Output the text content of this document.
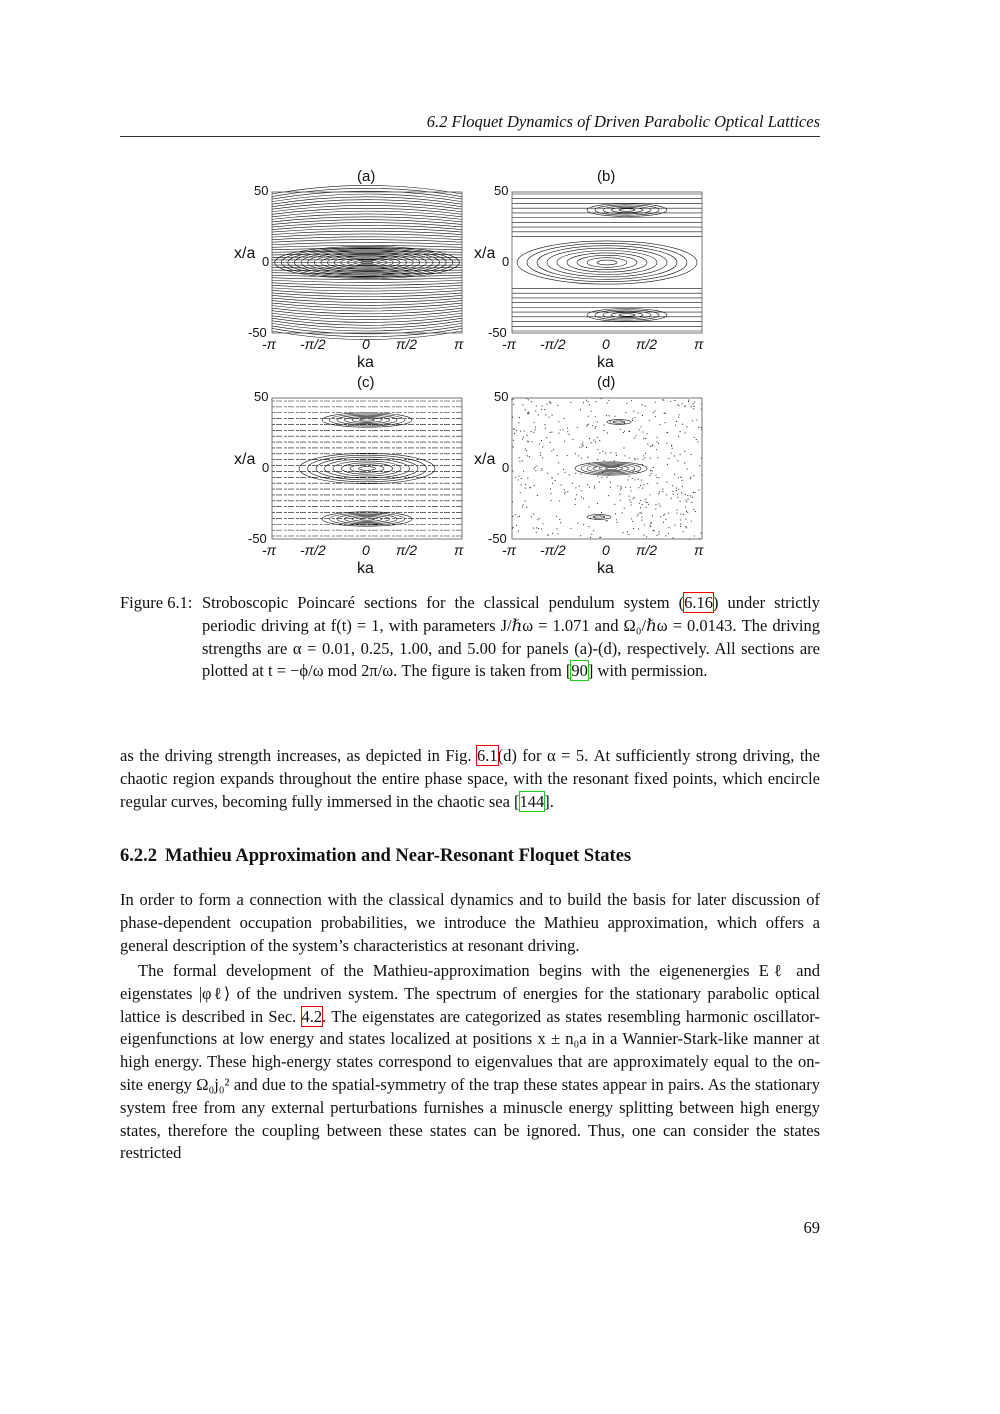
6.2 Floquet Dynamics of Driven Parabolic Optical Lattices
(a)
x/a
ka
50
0
-50
-π -π/2	0 π/2	π
(b)
x/a
ka
50
0
-50
-π -π/2	0 π/2	π
(c)
x/a
ka
50
0
-50
-π -π/2	0 π/2	π
(d)
x/a
ka
50
0
-50
-π -π/2	0 π/2	π
Figure 6.1: Stroboscopic Poincaré sections for the classical pendulum system (6.16) under strictly periodic driving at f(t) = 1, with parameters J/ℏω = 1.071 and Ω₀/ℏω = 0.0143. The driving strengths are α = 0.01, 0.25, 1.00, and 5.00 for panels (a)-(d), respectively. All sections are plotted at t = −ϕ/ω mod 2π/ω. The figure is taken from [90] with permission.
as the driving strength increases, as depicted in Fig. 6.1(d) for α = 5. At sufficiently strong driving, the chaotic region expands throughout the entire phase space, with the resonant fixed points, which encircle regular curves, becoming fully immersed in the chaotic sea [144].
6.2.2 Mathieu Approximation and Near-Resonant Floquet States
In order to form a connection with the classical dynamics and to build the basis for later discussion of phase-dependent occupation probabilities, we introduce the Mathieu approximation, which offers a general description of the system’s characteristics at resonant driving.
The formal development of the Mathieu-approximation begins with the eigenenergies Eℓ and eigenstates |φℓ⟩ of the undriven system. The spectrum of energies for the stationary parabolic optical lattice is described in Sec. 4.2. The eigenstates are categorized as states resembling harmonic oscillator-eigenfunctions at low energy and states localized at positions x ± n₀a in a Wannier-Stark-like manner at high energy. These high-energy states correspond to eigenvalues that are approximately equal to the on-site energy Ω₀j₀² and due to the spatial-symmetry of the trap these states appear in pairs. As the stationary system free from any external perturbations furnishes a minuscle energy splitting between high energy states, therefore the coupling between these states can be ignored. Thus, one can consider the states restricted
69
